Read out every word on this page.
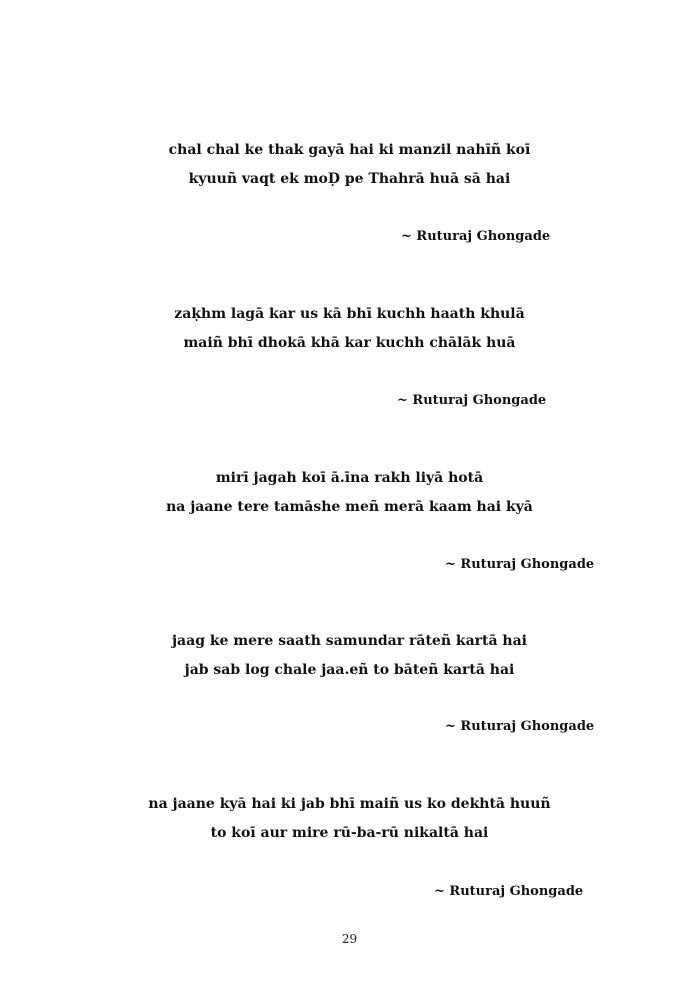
chal chal ke thak gayā hai ki manzil nahīñ koī
kyuuñ vaqt ek moḌ pe Thahrā huā sā hai
~ Ruturaj Ghongade
zaḳhm lagā kar us kā bhī kuchh haath khulā
maiñ bhī dhokā khā kar kuchh chālāk huā
~ Ruturaj Ghongade
mirī jagah koī ā.īna rakh liyā hotā
na jaane tere tamāshe meñ merā kaam hai kyā
~ Ruturaj Ghongade
jaag ke mere saath samundar rāteñ kartā hai
jab sab log chale jaa.eñ to bāteñ kartā hai
~ Ruturaj Ghongade
na jaane kyā hai ki jab bhī maiñ us ko dekhtā huuñ
to koī aur mire rū-ba-rū nikaltā hai
~ Ruturaj Ghongade
29
